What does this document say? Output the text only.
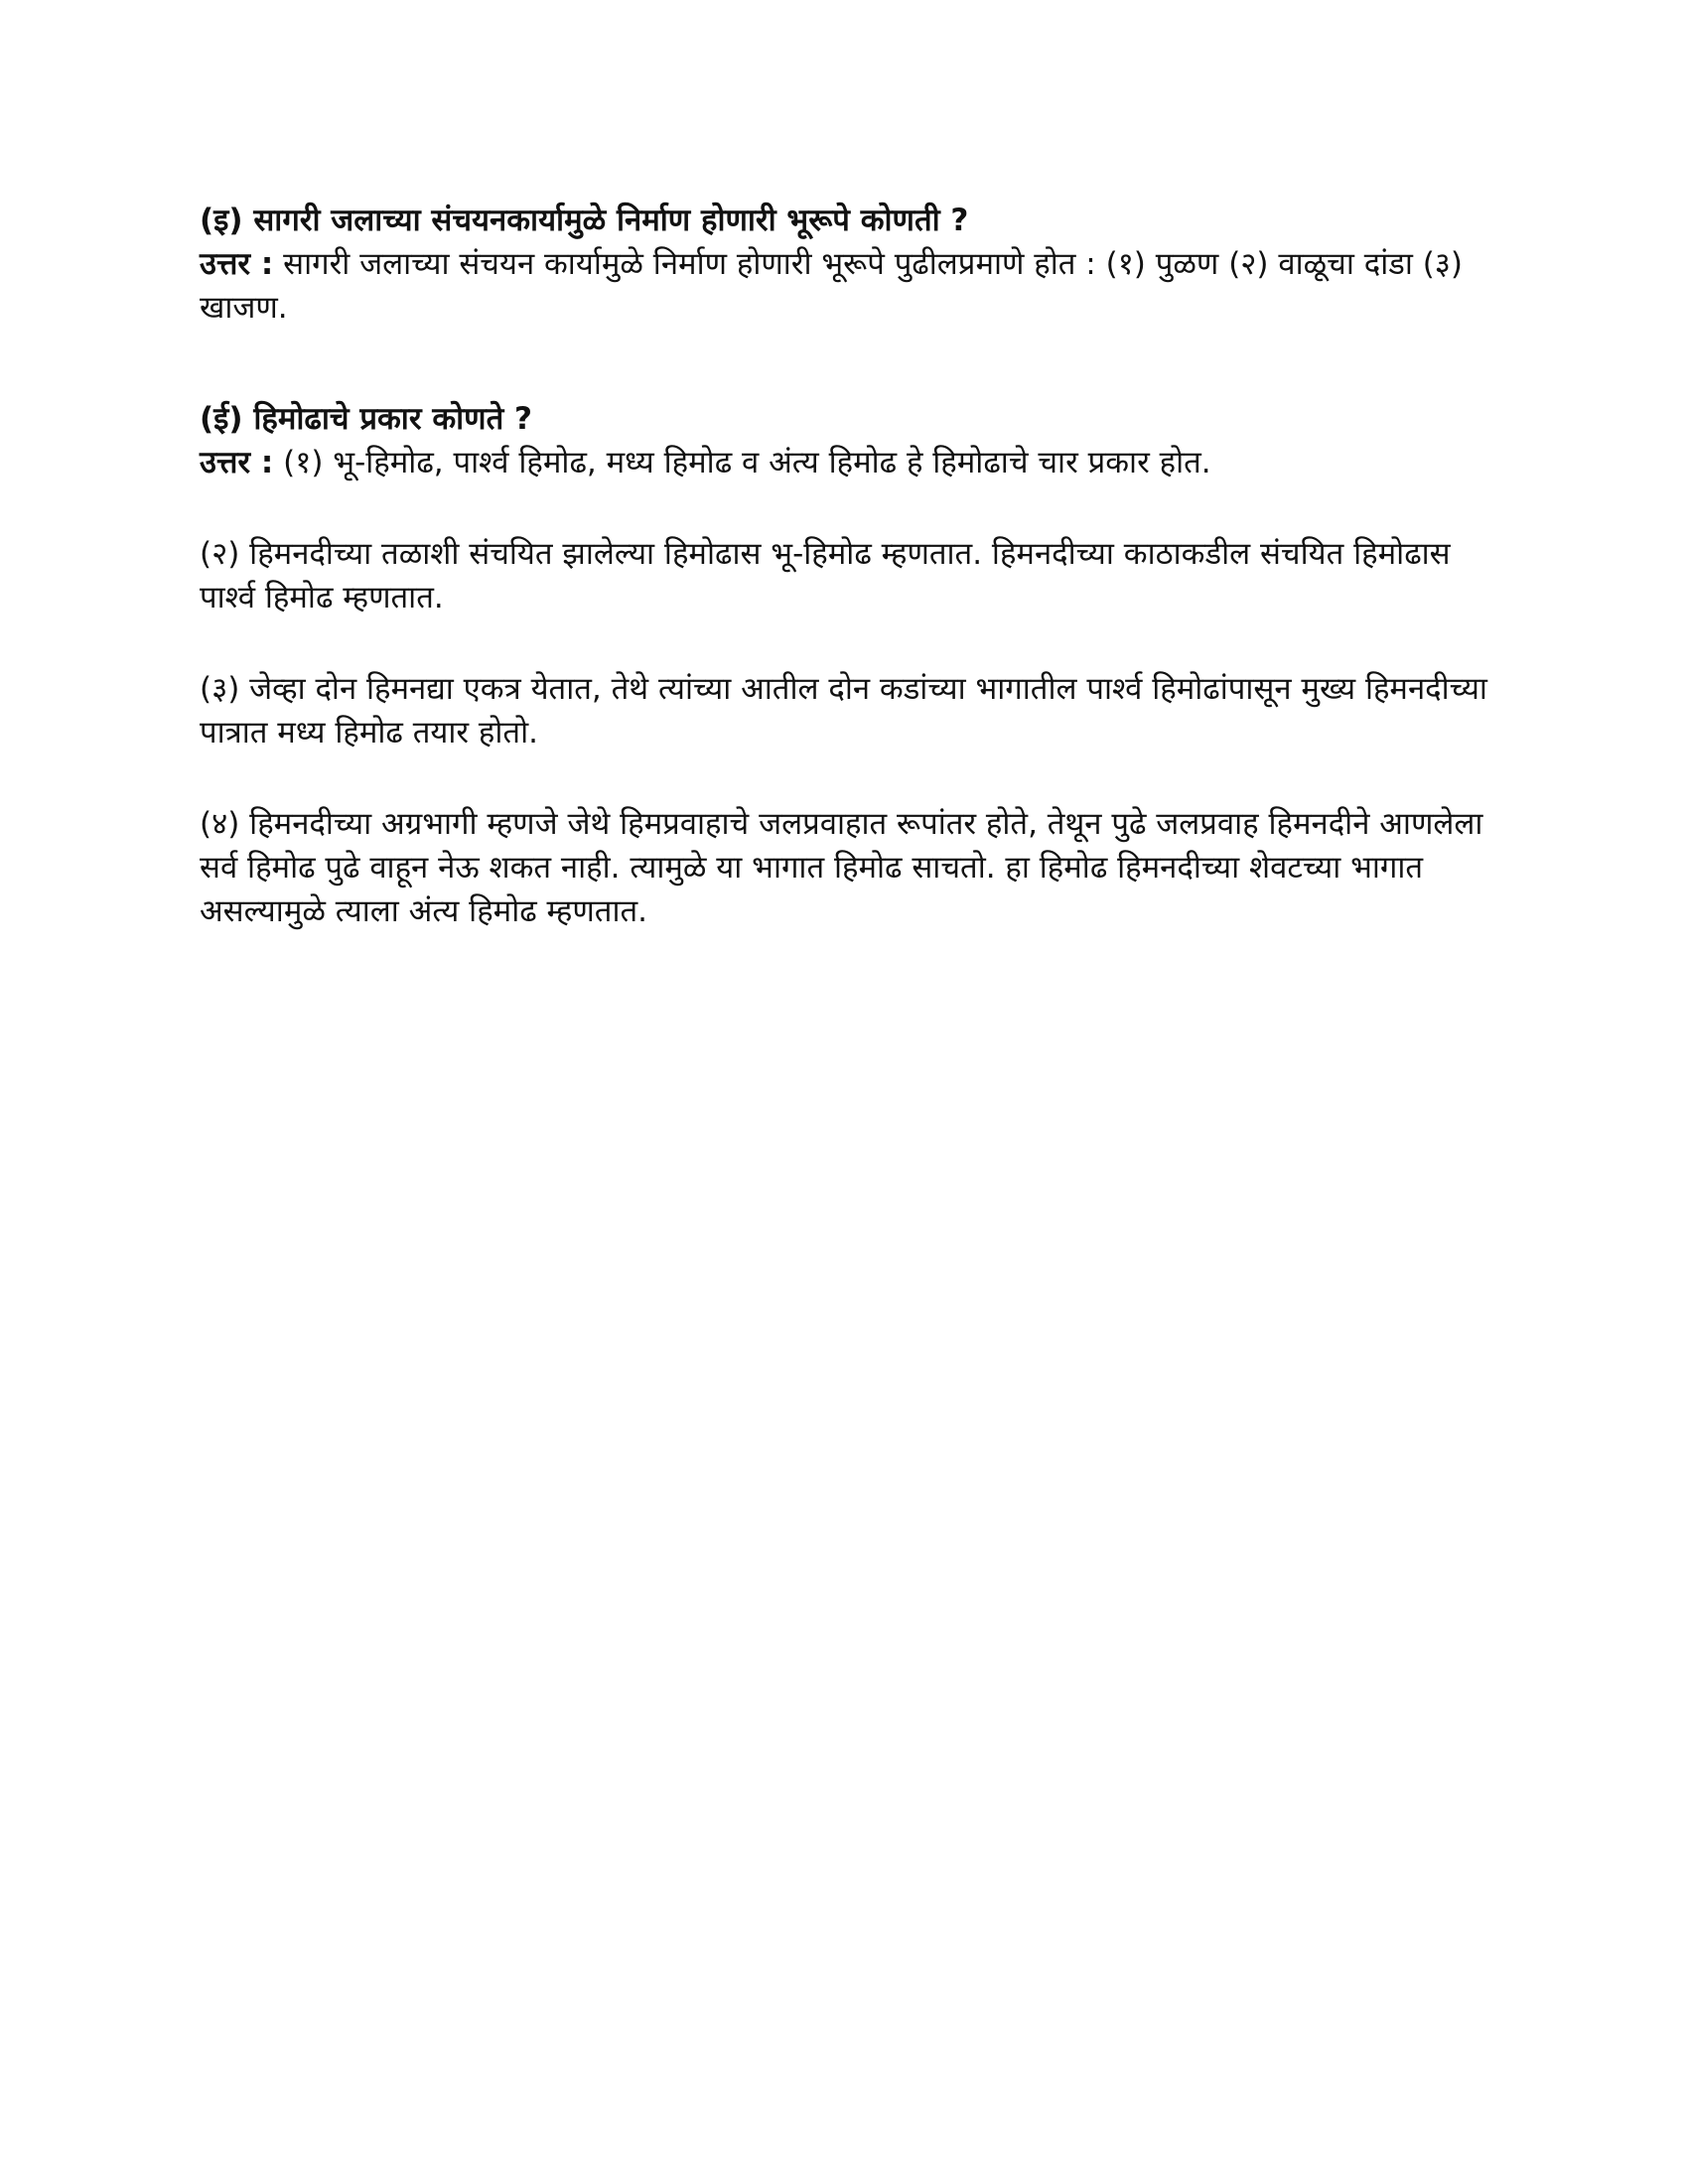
(इ) सागरी जलाच्या संचयनकार्यामुळे निर्माण होणारी भूरूपे कोणती ?

उत्तर : सागरी जलाच्या संचयन कार्यामुळे निर्माण होणारी भूरूपे पुढीलप्रमाणे होत : (१) पुळण (२) वाळूचा दांडा (३) खाजण.

(ई) हिमोढाचे प्रकार कोणते ?

उत्तर : (१) भू-हिमोढ, पार्श्व हिमोढ, मध्य हिमोढ व अंत्य हिमोढ हे हिमोढाचे चार प्रकार होत.

(२) हिमनदीच्या तळाशी संचयित झालेल्या हिमोढास भू-हिमोढ म्हणतात. हिमनदीच्या काठाकडील संचयित हिमोढास पार्श्व हिमोढ म्हणतात.

(३) जेव्हा दोन हिमनद्या एकत्र येतात, तेथे त्यांच्या आतील दोन कडांच्या भागातील पार्श्व हिमोढांपासून मुख्य हिमनदीच्या पात्रात मध्य हिमोढ तयार होतो.

(४) हिमनदीच्या अग्रभागी म्हणजे जेथे हिमप्रवाहाचे जलप्रवाहात रूपांतर होते, तेथून पुढे जलप्रवाह हिमनदीने आणलेला सर्व हिमोढ पुढे वाहून नेऊ शकत नाही. त्यामुळे या भागात हिमोढ साचतो. हा हिमोढ हिमनदीच्या शेवटच्या भागात असल्यामुळे त्याला अंत्य हिमोढ म्हणतात.
